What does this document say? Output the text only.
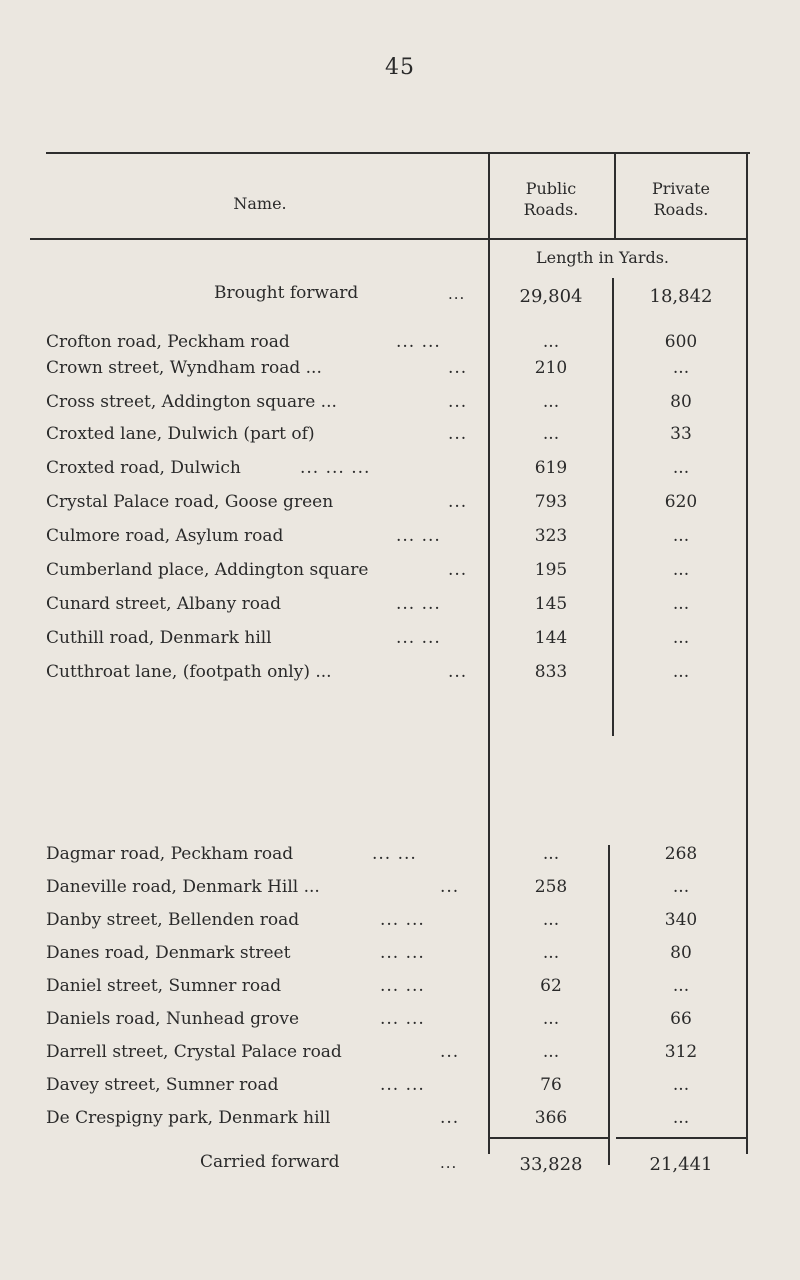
45
Name.
Public
Roads.
Private
Roads.
Length in Yards.
Brought forward	...	29,804	18,842
Crofton road, Peckham road	... ...	...	600
Crown street, Wyndham road ...	...	210	...
Cross street, Addington square ...	...	...	80
Croxted lane, Dulwich (part of)	...	...	33
Croxted road, Dulwich	... ... ...	619	...
Crystal Palace road, Goose green	...	793	620
Culmore road, Asylum road	... ...	323	...
Cumberland place, Addington square	...	195	...
Cunard street, Albany road	... ...	145	...
Cuthill road, Denmark hill	... ...	144	...
Cutthroat lane, (footpath only) ...	...	833	...
Dagmar road, Peckham road	... ...	...	268
Daneville road, Denmark Hill ...	...	258	...
Danby street, Bellenden road	... ...	...	340
Danes road, Denmark street	... ...	...	80
Daniel street, Sumner road	... ...	62	...
Daniels road, Nunhead grove	... ...	...	66
Darrell street, Crystal Palace road	...	...	312
Davey street, Sumner road	... ...	76	...
De Crespigny park, Denmark hill	...	366	...
Carried forward	...	33,828	21,441
